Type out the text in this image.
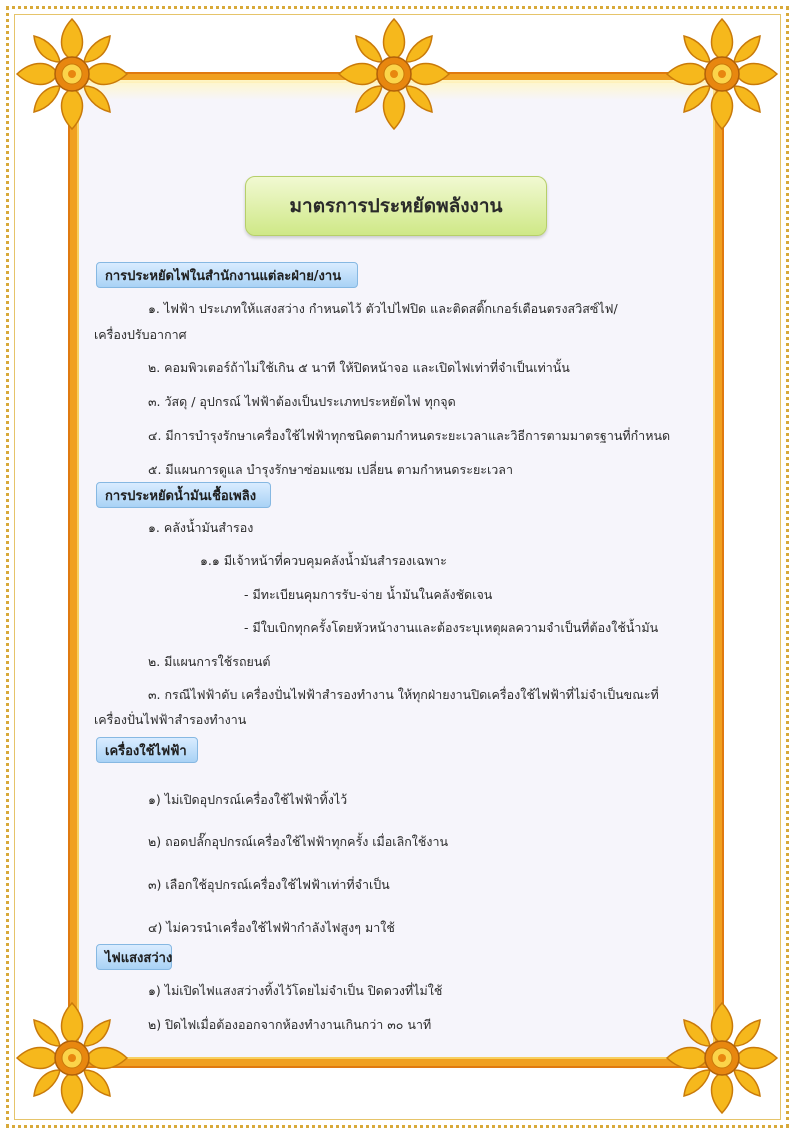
มาตรการประหยัดพลังงาน
การประหยัดไฟในสำนักงานแต่ละฝ่าย/งาน
๑. ไฟฟ้า ประเภทให้แสงสว่าง กำหนดไว้ ตัวไปไฟปิด และติดสติ๊กเกอร์เตือนตรงสวิสซ์ไฟ/
เครื่องปรับอากาศ
๒. คอมพิวเตอร์ถ้าไม่ใช้เกิน ๕ นาที ให้ปิดหน้าจอ และเปิดไฟเท่าที่จำเป็นเท่านั้น
๓. วัสดุ / อุปกรณ์ ไฟฟ้าต้องเป็นประเภทประหยัดไฟ ทุกจุด
๔. มีการบำรุงรักษาเครื่องใช้ไฟฟ้าทุกชนิดตามกำหนดระยะเวลาและวิธีการตามมาตรฐานที่กำหนด
๕. มีแผนการดูแล บำรุงรักษาซ่อมแซม เปลี่ยน ตามกำหนดระยะเวลา
การประหยัดน้ำมันเชื้อเพลิง
๑. คลังน้ำมันสำรอง
๑.๑ มีเจ้าหน้าที่ควบคุมคลังน้ำมันสำรองเฉพาะ
- มีทะเบียนคุมการรับ-จ่าย น้ำมันในคลังชัดเจน
- มีใบเบิกทุกครั้งโดยหัวหน้างานและต้องระบุเหตุผลความจำเป็นที่ต้องใช้น้ำมัน
๒. มีแผนการใช้รถยนต์
๓. กรณีไฟฟ้าดับ เครื่องปั่นไฟฟ้าสำรองทำงาน ให้ทุกฝ่ายงานปิดเครื่องใช้ไฟฟ้าที่ไม่จำเป็นขณะที่
เครื่องปั่นไฟฟ้าสำรองทำงาน
เครื่องใช้ไฟฟ้า
๑) ไม่เปิดอุปกรณ์เครื่องใช้ไฟฟ้าทิ้งไว้
๒) ถอดปลั๊กอุปกรณ์เครื่องใช้ไฟฟ้าทุกครั้ง เมื่อเลิกใช้งาน
๓) เลือกใช้อุปกรณ์เครื่องใช้ไฟฟ้าเท่าที่จำเป็น
๔) ไม่ควรนำเครื่องใช้ไฟฟ้ากำลังไฟสูงๆ มาใช้
ไฟแสงสว่าง
๑) ไม่เปิดไฟแสงสว่างทิ้งไว้โดยไม่จำเป็น ปิดดวงที่ไม่ใช้
๒) ปิดไฟเมื่อต้องออกจากห้องทำงานเกินกว่า ๓๐ นาที
